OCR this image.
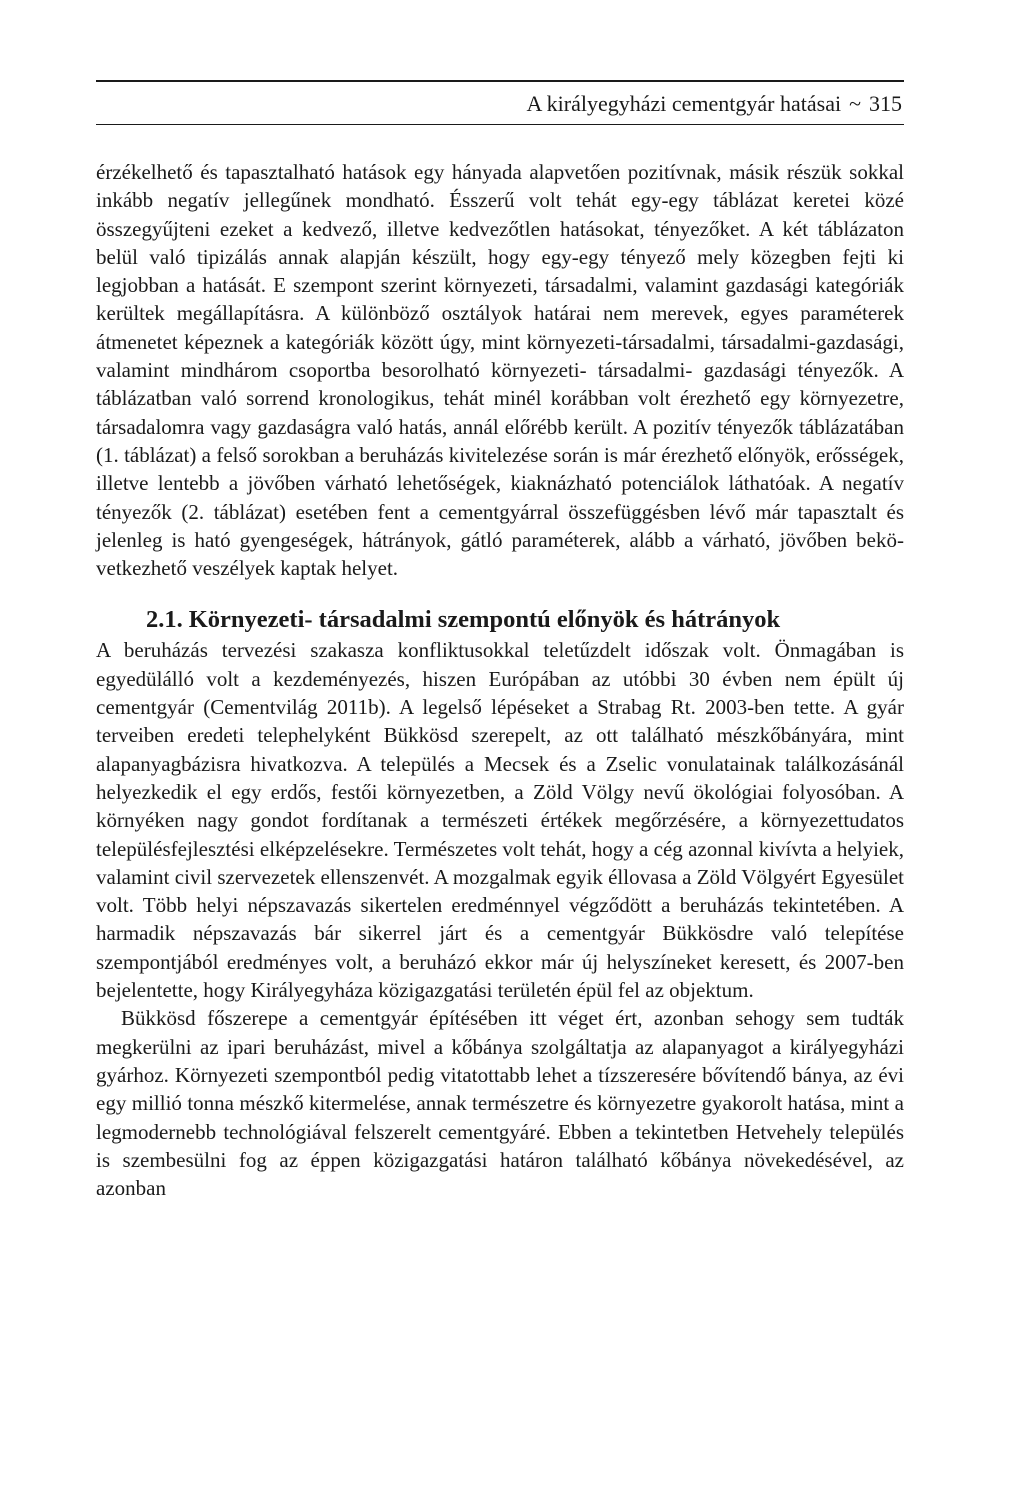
A királyegyházi cementgyár hatásai ~ 315

érzékelhető és tapasztalható hatások egy hányada alapvetően pozitívnak, másik részük sokkal inkább negatív jellegűnek mondható. Ésszerű volt tehát egy-egy táblázat keretei közé összegyűjteni ezeket a kedvező, illetve kedvezőtlen hatásokat, tényezőket. A két táblázaton belül való tipizálás annak alapján készült, hogy egy-egy tényező mely közegben fejti ki legjobban a hatását. E szempont szerint környezeti, társadalmi, valamint gazdasági kategóriák kerültek megállapításra. A különböző osztályok határai nem merevek, egyes paraméterek átmenetet képeznek a kategóriák között úgy, mint környezeti-társadalmi, társadalmi-gazdasági, valamint mindhárom csoportba besorolható környezeti- társadalmi- gazdasági tényezők. A táblázatban való sorrend kronologikus, tehát minél korábban volt érezhető egy környezetre, társadalomra vagy gazdaságra való hatás, annál előrébb került. A pozitív tényezők táblázatában (1. táblázat) a felső sorokban a beruházás kivitelezése során is már érezhető előnyök, erősségek, illetve lentebb a jövőben várható lehetőségek, kiaknázható potenciálok láthatóak. A negatív tényezők (2. táblázat) esetében fent a cementgyárral összefüggésben lévő már tapasztalt és jelenleg is ható gyengeségek, hátrányok, gátló paraméterek, alább a várható, jövőben bekövetkezhető veszélyek kaptak helyet.

2.1. Környezeti- társadalmi szempontú előnyök és hátrányok

A beruházás tervezési szakasza konfliktusokkal teletűzdelt időszak volt. Önmagában is egyedülálló volt a kezdeményezés, hiszen Európában az utóbbi 30 évben nem épült új cementgyár (Cementvilág 2011b). A legelső lépéseket a Strabag Rt. 2003-ben tette. A gyár terveiben eredeti telephelyként Bükkösd szerepelt, az ott található mészkőbányára, mint alapanyagbázisra hivatkozva. A település a Mecsek és a Zselic vonulatainak találkozásánál helyezkedik el egy erdős, festői környezetben, a Zöld Völgy nevű ökológiai folyosóban. A környéken nagy gondot fordítanak a természeti értékek megőrzésére, a környezettudatos településfejlesztési elképzelésekre. Természetes volt tehát, hogy a cég azonnal kivívta a helyiek, valamint civil szervezetek ellenszenvét. A mozgalmak egyik éllovasa a Zöld Völgyért Egyesület volt. Több helyi népszavazás sikertelen eredménnyel végződött a beruházás tekintetében. A harmadik népszavazás bár sikerrel járt és a cementgyár Bükkösdre való telepítése szempontjából eredményes volt, a beruházó ekkor már új helyszíneket keresett, és 2007-ben bejelentette, hogy Királyegyháza közigazgatási területén épül fel az objektum.

Bükkösd főszerepe a cementgyár építésében itt véget ért, azonban sehogy sem tudták megkerülni az ipari beruházást, mivel a kőbánya szolgáltatja az alapanyagot a királyegyházi gyárhoz. Környezeti szempontból pedig vitatottabb lehet a tízszeresére bővítendő bánya, az évi egy millió tonna mészkő kitermelése, annak természetre és környezetre gyakorolt hatása, mint a legmodernebb technológiával felszerelt cementgyáré. Ebben a tekintetben Hetvehely település is szembesülni fog az éppen közigazgatási határon található kőbánya növekedésével, az azonban
